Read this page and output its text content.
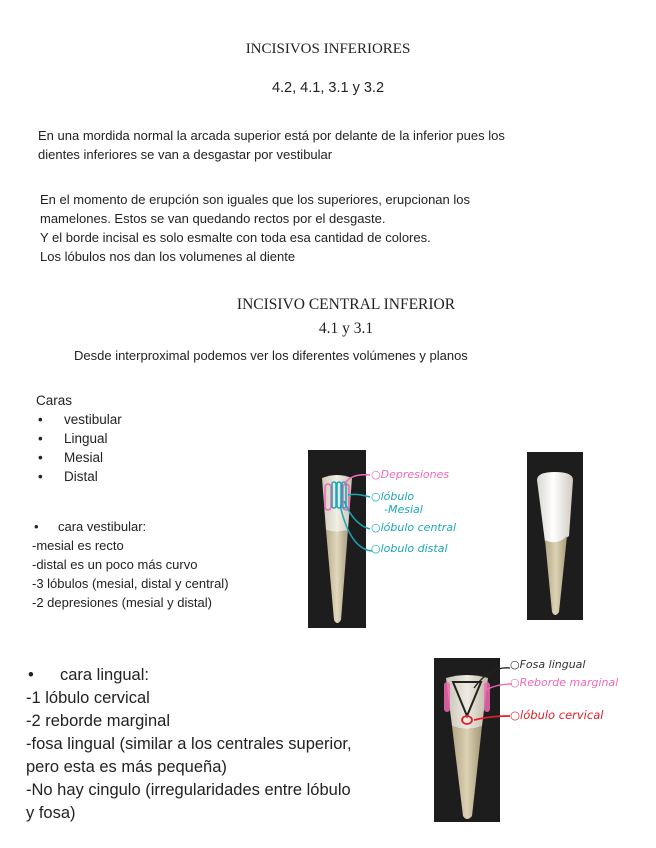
INCISIVOS INFERIORES
4.2, 4.1, 3.1 y 3.2
En una mordida normal la arcada superior está por delante de la inferior pues los
dientes inferiores se van a desgastar por vestibular
En el momento de erupción son iguales que los superiores, erupcionan los
mamelones. Estos se van quedando rectos por el desgaste.
Y el borde incisal es solo esmalte con toda esa cantidad de colores.
Los lóbulos nos dan los volumenes al diente
INCISIVO CENTRAL INFERIOR
4.1 y 3.1
Desde interproximal podemos ver los diferentes volúmenes y planos
Caras
• vestibular
• Lingual
• Mesial
• Distal
• cara vestibular:
-mesial es recto
-distal es un poco más curvo
-3 lóbulos (mesial, distal y central)
-2 depresiones (mesial y distal)
• cara lingual:
-1 lóbulo cervical
-2 reborde marginal
-fosa lingual (similar a los centrales superior,
pero esta es más pequeña)
-No hay cingulo (irregularidades entre lóbulo
y fosa)
○Depresiones
○lóbulo
-Mesial
○lóbulo central
○lobulo distal
○Fosa lingual
○Reborde marginal
○lóbulo cervical
